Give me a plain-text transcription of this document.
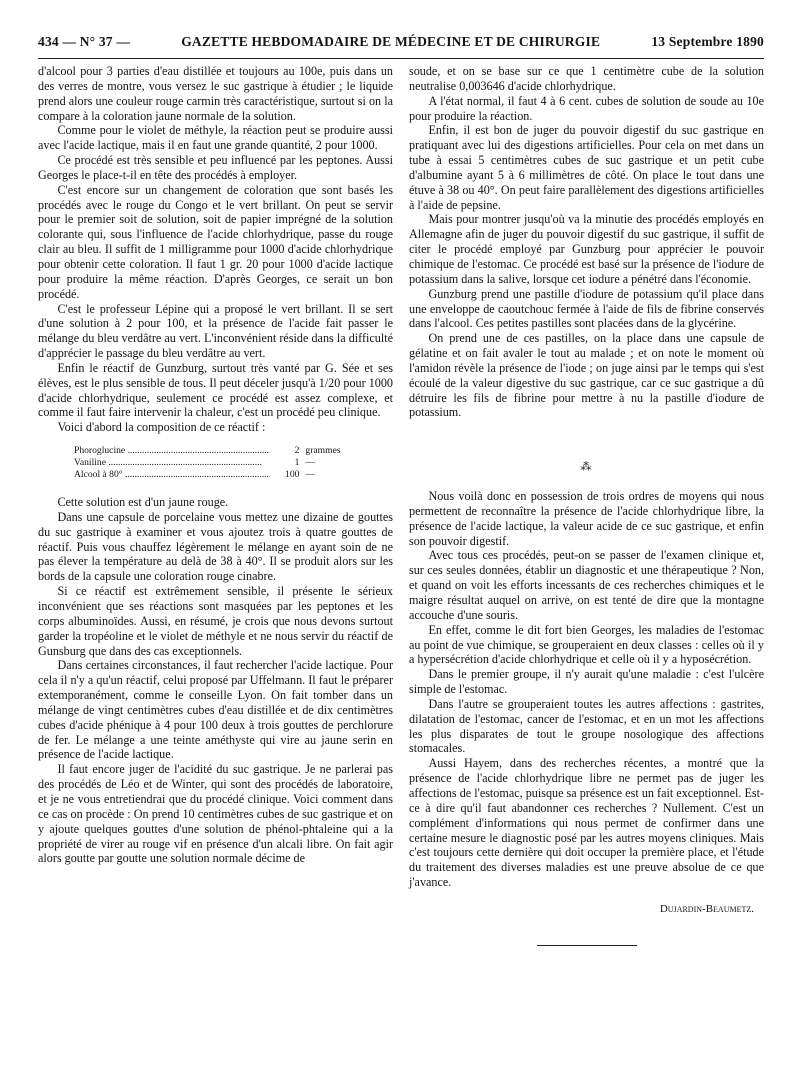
434 — N° 37 —	GAZETTE HEBDOMADAIRE DE MÉDECINE ET DE CHIRURGIE	13 Septembre 1890

d'alcool pour 3 parties d'eau distillée et toujours au 100e, puis dans un des verres de montre, vous versez le suc gastrique à étudier ; le liquide prend alors une couleur rouge carmin très caractéristique, surtout si on la compare à la coloration jaune normale de la solution.

Comme pour le violet de méthyle, la réaction peut se produire aussi avec l'acide lactique, mais il en faut une grande quantité, 2 pour 1000.

Ce procédé est très sensible et peu influencé par les peptones. Aussi Georges le place-t-il en tête des procédés à employer.

C'est encore sur un changement de coloration que sont basés les procédés avec le rouge du Congo et le vert brillant. On peut se servir pour le premier soit de solution, soit de papier imprégné de la solution colorante qui, sous l'influence de l'acide chlorhydrique, passe du rouge clair au bleu. Il suffit de 1 milligramme pour 1000 d'acide chlorhydrique pour obtenir cette coloration. Il faut 1 gr. 20 pour 1000 d'acide lactique pour produire la même réaction. D'après Georges, ce serait un bon procédé.

C'est le professeur Lépine qui a proposé le vert brillant. Il se sert d'une solution à 2 pour 100, et la présence de l'acide fait passer le mélange du bleu verdâtre au vert. L'inconvénient réside dans la difficulté d'apprécier le passage du bleu verdâtre au vert.

Enfin le réactif de Gunzburg, surtout très vanté par G. Sée et ses élèves, est le plus sensible de tous. Il peut déceler jusqu'à 1/20 pour 1000 d'acide chlorhydrique, seulement ce procédé est assez complexe, et comme il faut faire intervenir la chaleur, c'est un procédé peu clinique.

Voici d'abord la composition de ce réactif :

Phoroglucine .....	2 grammes
Vaniline .....	1 —
Alcool à 80° .....	100 —

Cette solution est d'un jaune rouge.

Dans une capsule de porcelaine vous mettez une dizaine de gouttes du suc gastrique à examiner et vous ajoutez trois à quatre gouttes de réactif. Puis vous chauffez légèrement le mélange en ayant soin de ne pas élever la température au delà de 38 à 40°. Il se produit alors sur les bords de la capsule une coloration rouge cinabre.

Si ce réactif est extrêmement sensible, il présente le sérieux inconvénient que ses réactions sont masquées par les peptones et les corps albuminoïdes. Aussi, en résumé, je crois que nous devons surtout garder la tropéoline et le violet de méthyle et ne nous servir du réactif de Gunsburg que dans des cas exceptionnels.

Dans certaines circonstances, il faut rechercher l'acide lactique. Pour cela il n'y a qu'un réactif, celui proposé par Uffelmann. Il faut le préparer extemporanément, comme le conseille Lyon. On fait tomber dans un mélange de vingt centimètres cubes d'eau distillée et de dix centimètres cubes d'acide phénique à 4 pour 100 deux à trois gouttes de perchlorure de fer. Le mélange a une teinte améthyste qui vire au jaune serin en présence de l'acide lactique.

Il faut encore juger de l'acidité du suc gastrique. Je ne parlerai pas des procédés de Léo et de Winter, qui sont des procédés de laboratoire, et je ne vous entretiendrai que du procédé clinique. Voici comment dans ce cas on procède : On prend 10 centimètres cubes de suc gastrique et on y ajoute quelques gouttes d'une solution de phénol-phtaleine qui a la propriété de virer au rouge vif en présence d'un alcali libre. On fait agir alors goutte par goutte une solution normale décime de

soude, et on se base sur ce que 1 centimètre cube de la solution neutralise 0,003646 d'acide chlorhydrique.

A l'état normal, il faut 4 à 6 cent. cubes de solution de soude au 10e pour produire la réaction.

Enfin, il est bon de juger du pouvoir digestif du suc gastrique en pratiquant avec lui des digestions artificielles. Pour cela on met dans un tube à essai 5 centimètres cubes de suc gastrique et un petit cube d'albumine ayant 5 à 6 millimètres de côté. On place le tout dans une étuve à 38 ou 40°. On peut faire parallèlement des digestions artificielles à l'aide de pepsine.

Mais pour montrer jusqu'où va la minutie des procédés employés en Allemagne afin de juger du pouvoir digestif du suc gastrique, il suffit de citer le procédé employé par Gunzburg pour apprécier le pouvoir chimique de l'estomac. Ce procédé est basé sur la présence de l'iodure de potassium dans la salive, lorsque cet iodure a pénétré dans l'économie.

Gunzburg prend une pastille d'iodure de potassium qu'il place dans une enveloppe de caoutchouc fermée à l'aide de fils de fibrine conservés dans l'alcool. Ces petites pastilles sont placées dans de la glycérine.

On prend une de ces pastilles, on la place dans une capsule de gélatine et on fait avaler le tout au malade ; et on note le moment où l'amidon révèle la présence de l'iode ; on juge ainsi par le temps qui s'est écoulé de la valeur digestive du suc gastrique, car ce suc gastrique a dû détruire les fils de fibrine pour mettre à nu la pastille d'iodure de potassium.

⁂

Nous voilà donc en possession de trois ordres de moyens qui nous permettent de reconnaître la présence de l'acide chlorhydrique libre, la présence de l'acide lactique, la valeur acide de ce suc gastrique, et enfin son pouvoir digestif.

Avec tous ces procédés, peut-on se passer de l'examen clinique et, sur ces seules données, établir un diagnostic et une thérapeutique ? Non, et quand on voit les efforts incessants de ces recherches chimiques et le maigre résultat auquel on arrive, on est tenté de dire que la montagne accouche d'une souris.

En effet, comme le dit fort bien Georges, les maladies de l'estomac au point de vue chimique, se grouperaient en deux classes : celles où il y a hypersécrétion d'acide chlorhydrique et celle où il y a hyposécrétion.

Dans le premier groupe, il n'y aurait qu'une maladie : c'est l'ulcère simple de l'estomac.

Dans l'autre se grouperaient toutes les autres affections : gastrites, dilatation de l'estomac, cancer de l'estomac, et en un mot les affections les plus disparates de tout le groupe nosologique des affections stomacales.

Aussi Hayem, dans des recherches récentes, a montré que la présence de l'acide chlorhydrique libre ne permet pas de juger les affections de l'estomac, puisque sa présence est un fait exceptionnel. Est-ce à dire qu'il faut abandonner ces recherches ? Nullement. C'est un complément d'informations qui nous permet de confirmer dans une certaine mesure le diagnostic posé par les autres moyens cliniques. Mais c'est toujours cette dernière qui doit occuper la première place, et l'étude du traitement des diverses maladies est une preuve absolue de ce que j'avance.

Dujardin-Beaumetz.
